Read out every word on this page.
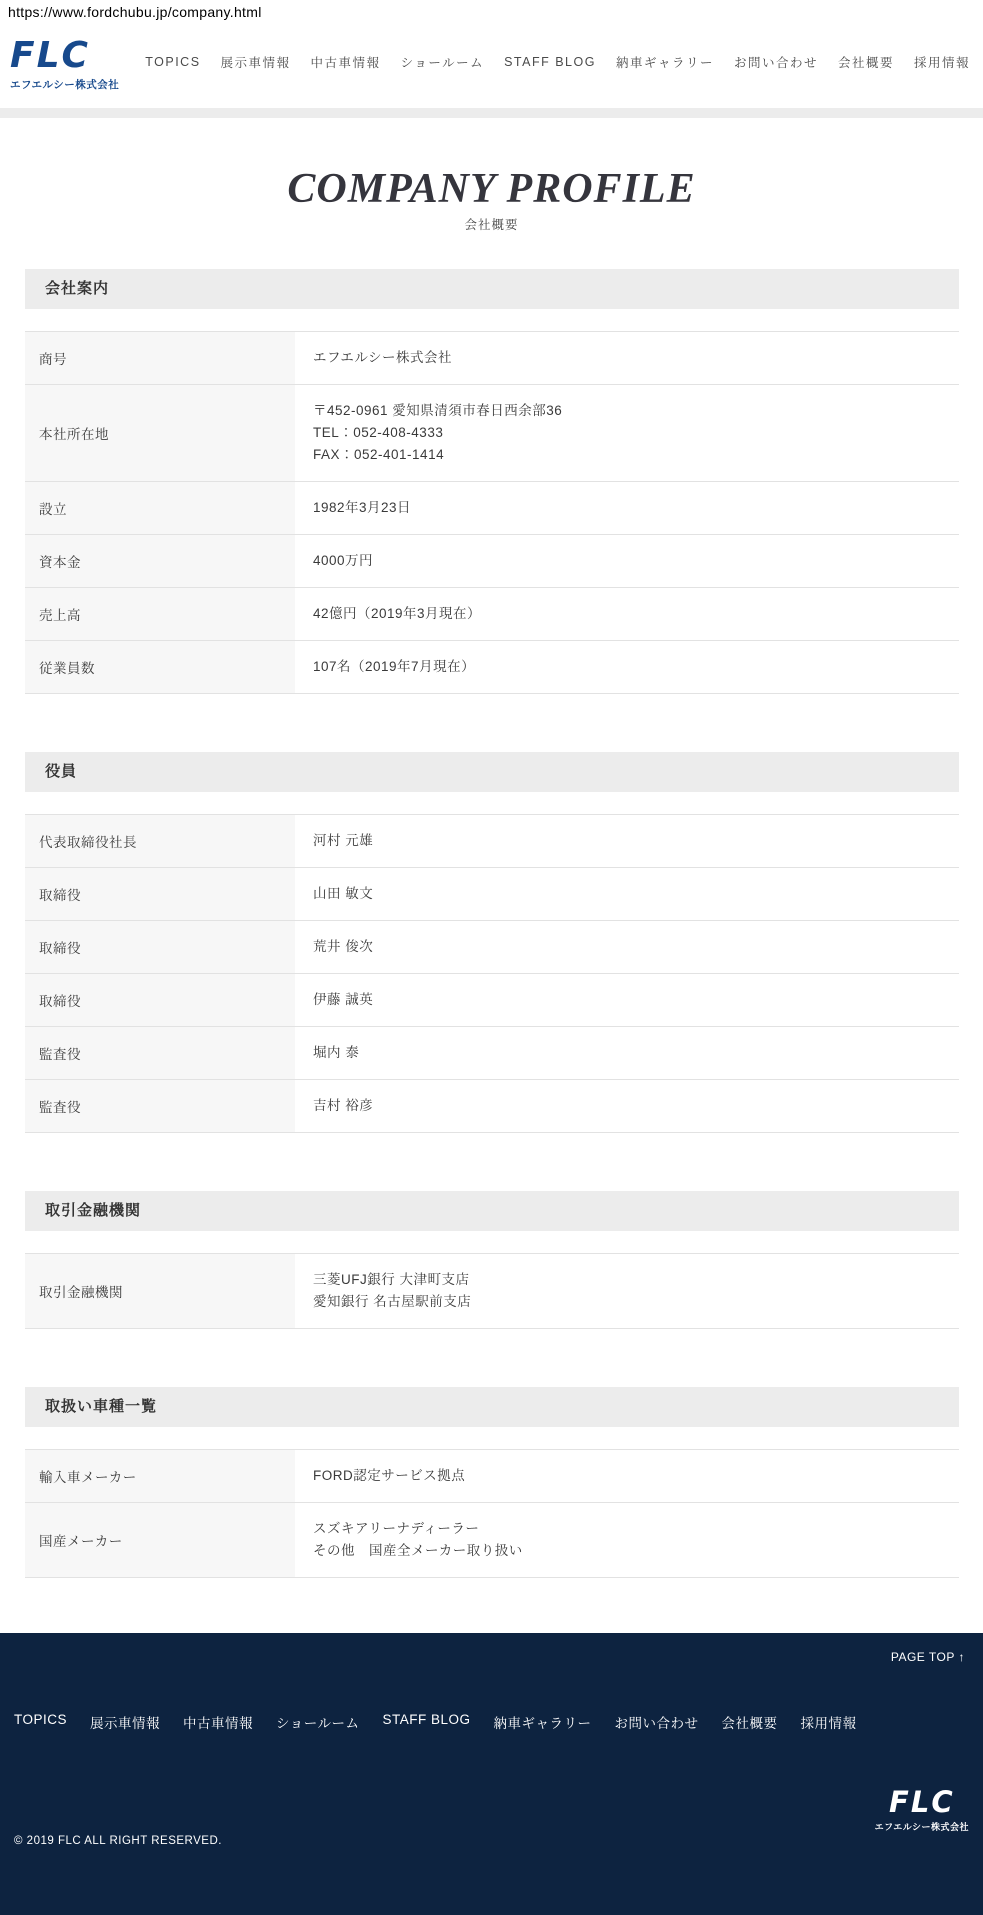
https://www.fordchubu.jp/company.html
FLC
エフエルシー株式会社
TOPICS 展示車情報 中古車情報 ショールーム STAFF BLOG 納車ギャラリー お問い合わせ 会社概要 採用情報
COMPANY PROFILE
会社概要
会社案内
商号	エフエルシー株式会社

本社所在地	〒452-0961 愛知県清須市春日西余部36
TEL：052-408-4333
FAX：052-401-1414

設立	1982年3月23日

資本金	4000万円

売上高	42億円（2019年3月現在）

従業員数	107名（2019年7月現在）
役員
代表取締役社長	河村 元雄

取締役	山田 敏文

取締役	荒井 俊次

取締役	伊藤 誠英

監査役	堀内 泰

監査役	吉村 裕彦
取引金融機関
取引金融機関	
三菱UFJ銀行 大津町支店
愛知銀行 名古屋駅前支店
取扱い車種一覧
輸入車メーカー	FORD認定サービス拠点

国産メーカー	スズキアリーナディーラー
その他　国産全メーカー取り扱い
PAGE TOP ↑
TOPICS 展示車情報 中古車情報 ショールーム STAFF BLOG 納車ギャラリー お問い合わせ 会社概要 採用情報
© 2019 FLC ALL RIGHT RESERVED.
FLC
エフエルシー株式会社
